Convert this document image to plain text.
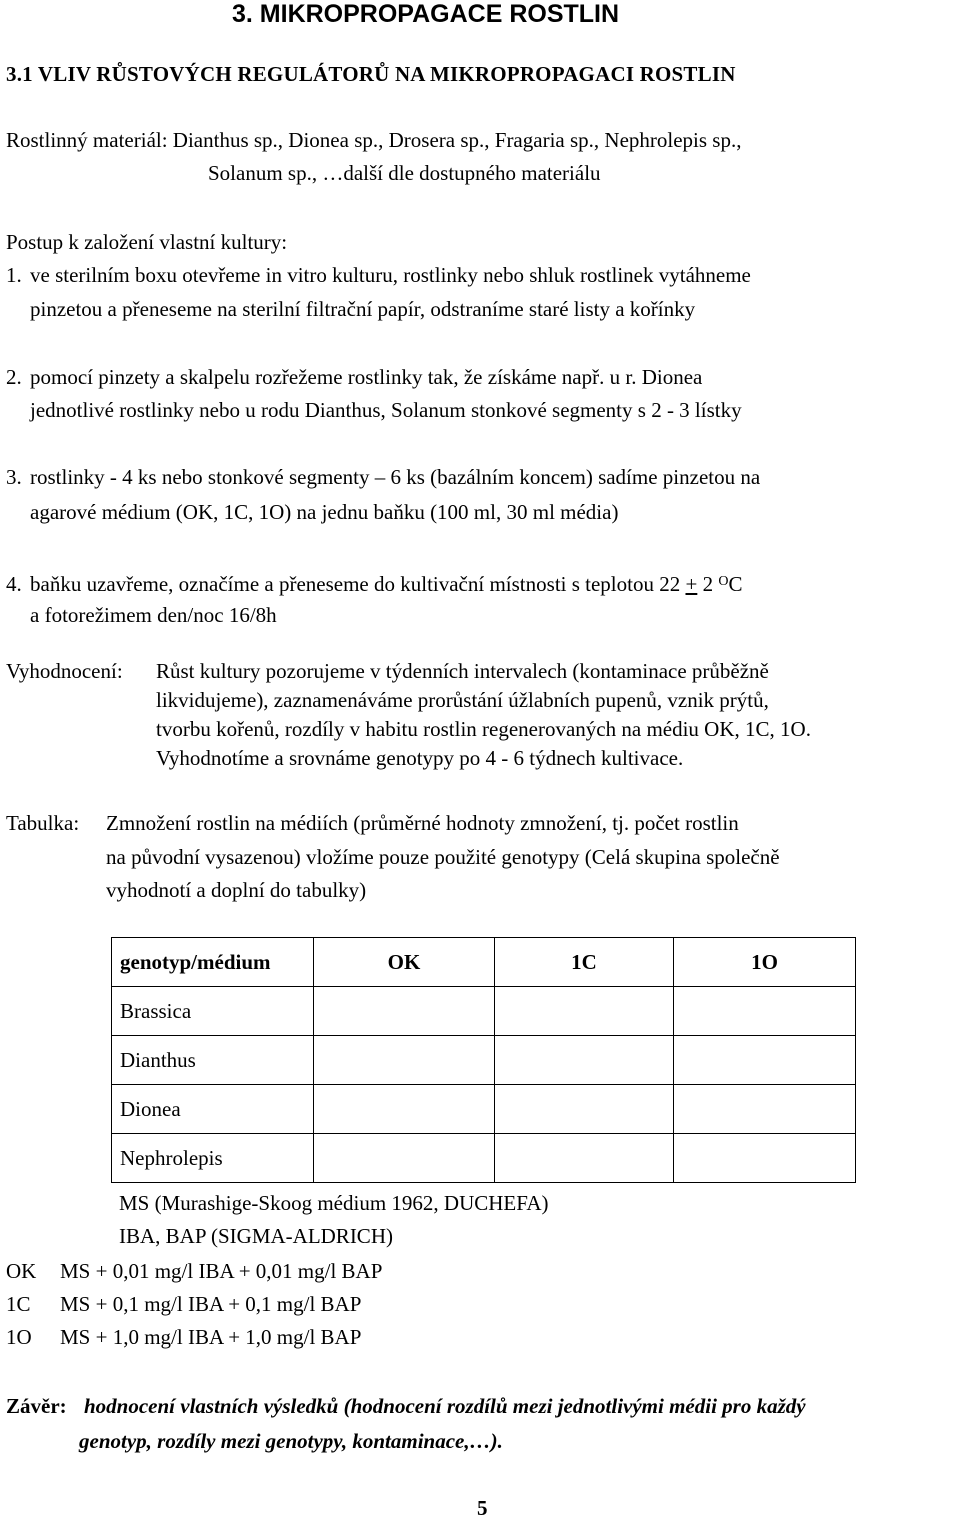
3. MIKROPROPAGACE ROSTLIN
3.1 VLIV RŮSTOVÝCH REGULÁTORŮ NA MIKROPROPAGACI ROSTLIN
Rostlinný materiál: Dianthus sp., Dionea sp., Drosera sp., Fragaria sp., Nephrolepis sp.,
Solanum sp., …další dle dostupného materiálu
Postup k založení vlastní kultury:
1. ve sterilním boxu otevřeme in vitro kulturu, rostlinky nebo shluk rostlinek vytáhneme
pinzetou a přeneseme na sterilní filtrační papír, odstraníme staré listy a kořínky
2. pomocí pinzety a skalpelu rozřežeme rostlinky tak, že získáme např. u r. Dionea
jednotlivé rostlinky nebo u rodu Dianthus, Solanum stonkové segmenty s 2 - 3 lístky
3. rostlinky - 4 ks nebo stonkové segmenty – 6 ks (bazálním koncem) sadíme pinzetou na
agarové médium (OK, 1C, 1O) na jednu baňku (100 ml, 30 ml média)
4. baňku uzavřeme, označíme a přeneseme do kultivační místnosti s teplotou 22 + 2 $^O$C
a fotorežimem den/noc 16/8h
Vyhodnocení: Růst kultury pozorujeme v týdenních intervalech (kontaminace průběžně
likvidujeme), zaznamenáváme prorůstání úžlabních pupenů, vznik prýtů,
tvorbu kořenů, rozdíly v habitu rostlin regenerovaných na médiu OK, 1C, 1O.
Vyhodnotíme a srovnáme genotypy po 4 - 6 týdnech kultivace.
Tabulka: Zmnožení rostlin na médiích (průměrné hodnoty zmnožení, tj. počet rostlin
na původní vysazenou) vložíme pouze použité genotypy (Celá skupina společně
vyhodnotí a doplní do tabulky)
genotyp/médium	OK	1C	1O
Brassica			
Dianthus			
Dionea			
Nephrolepis			
MS (Murashige-Skoog médium 1962, DUCHEFA)
IBA, BAP (SIGMA-ALDRICH)
OK MS + 0,01 mg/l IBA + 0,01 mg/l BAP
1C MS + 0,1 mg/l IBA + 0,1 mg/l BAP
1O MS + 1,0 mg/l IBA + 1,0 mg/l BAP
Závěr: hodnocení vlastních výsledků (hodnocení rozdílů mezi jednotlivými médii pro každý
genotyp, rozdíly mezi genotypy, kontaminace,…).
5
